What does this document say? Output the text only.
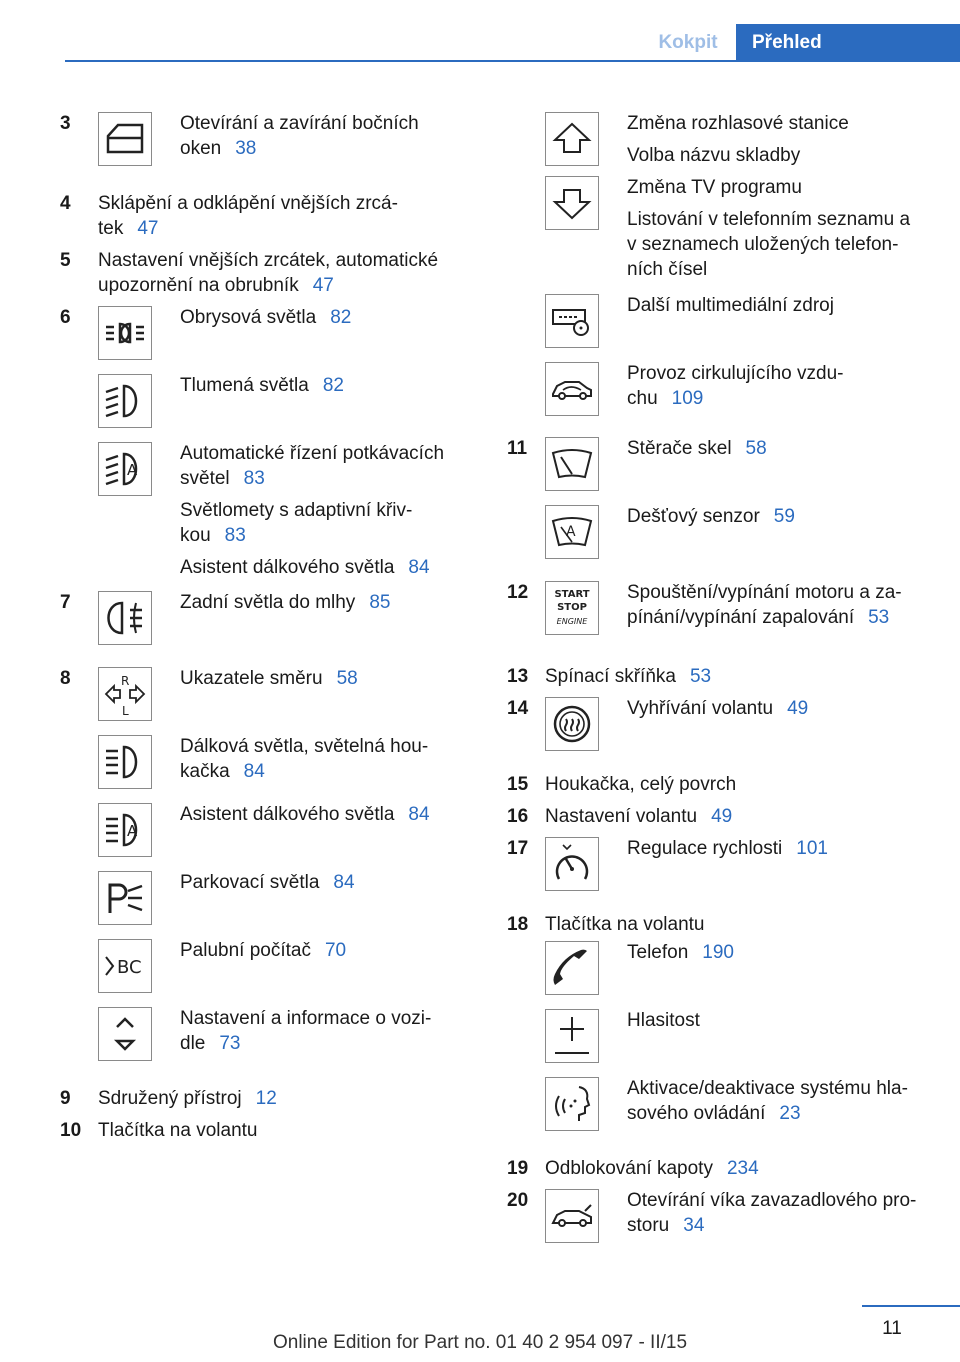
Kokpit	Přehled
3	Otevírání a zavírání bočních
oken 38
4	Sklápění a odklápění vnějších zrcá-
tek 47
5	Nastavení vnějších zrcátek, automatické
upozornění na obrubník 47
6	Obrysová světla 82
Tlumená světla 82
A

Automatické řízení potkávacích
světel 83

Světlomety s adaptivní křiv-
kou 83

Asistent dálkového světla 84

7	Zadní světla do mlhy 85
8	R
L
Ukazatele směru 58
Dálková světla, světelná hou-
kačka 84
A
Asistent dálkového světla 84
Parkovací světla 84
BC
Palubní počítač 70
Nastavení a informace o vozi-
dle 73
9	Sdružený přístroj 12
10 Tlačítka na volantu

Změna rozhlasové stanice

Volba názvu skladby

Změna TV programu

Listování v telefonním seznamu a
v seznamech uložených telefon-
ních čísel

Další multimediální zdroj
Provoz cirkulujícího vzdu-
chu 109
11	Stěrače skel 58
A
Dešťový senzor 59
12	START
STOP
ENGINE
Spouštění/vypínání motoru a za-
pínání/vypínání zapalování 53
13 Spínací skříňka 53
14	Vyhřívání volantu 49
15 Houkačka, celý povrch
16 Nastavení volantu 49
17	Regulace rychlosti 101
18 Tlačítka na volantu
Telefon 190
Hlasitost
Aktivace/deaktivace systému hla-
sového ovládání 23
19 Odblokování kapoty 234
20	Otevírání víka zavazadlového pro-
storu 34
11
Online Edition for Part no. 01 40 2 954 097 - II/15
